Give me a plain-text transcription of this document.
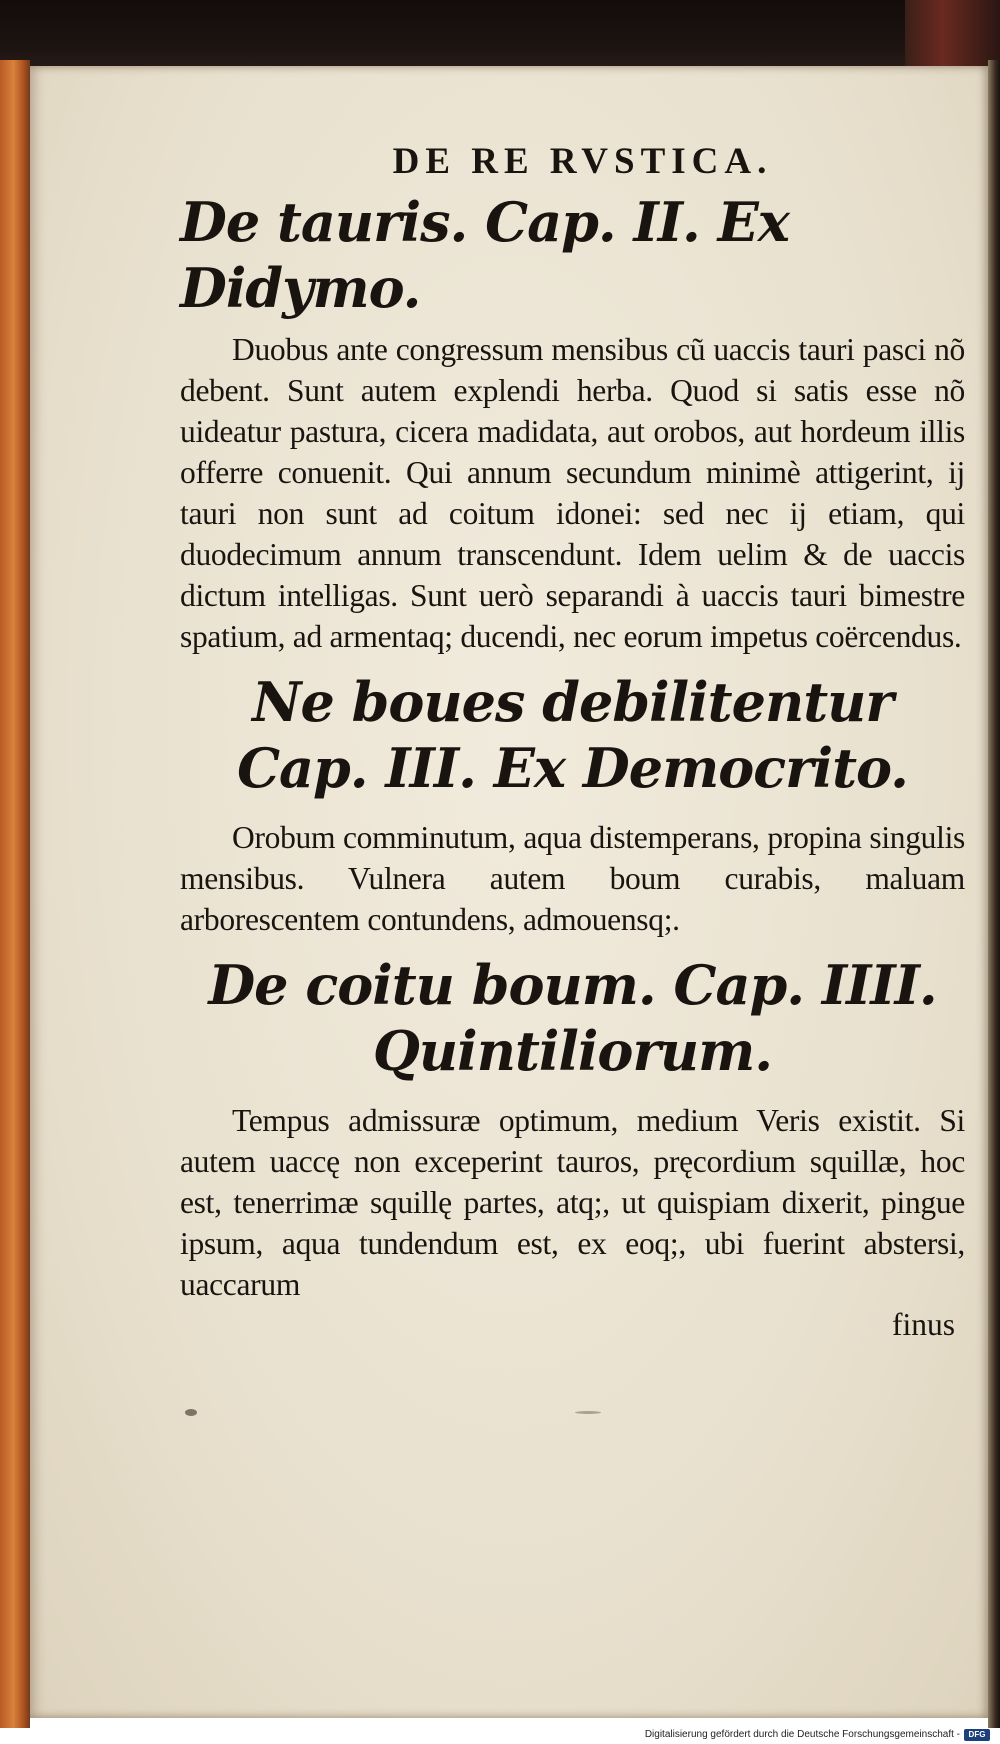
DE RE RVSTICA.
De tauris. Cap. II. Ex Didymo.

Duobus ante congressum mensibus cũ uaccis tauri pasci nõ debent. Sunt autem explendi herba. Quod si satis esse nõ uideatur pastura, cicera madidata, aut orobos, aut hordeum illis offerre conuenit. Qui annum secundum minimè attigerint, ij tauri non sunt ad coitum idonei: sed nec ij etiam, qui duodecimum annum transcendunt. Idem uelim & de uaccis dictum intelligas. Sunt uerò separandi à uaccis tauri bimestre spatium, ad armentaq; ducendi, nec eorum impetus coërcendus.

Ne boues debilitentur Cap. III. Ex Democrito.

Orobum comminutum, aqua distemperans, propina singulis mensibus. Vulnera autem boum curabis, maluam arborescentem contundens, admouensq;.

De coitu boum. Cap. IIII. Quintiliorum.

Tempus admissuræ optimum, medium Veris existit. Si autem uaccę non exceperint tauros, pręcordium squillæ, hoc est, tenerrimæ squillę partes, atq;, ut quispiam dixerit, pingue ipsum, aqua tundendum est, ex eoq;, ubi fuerint abstersi, uaccarum

finus

Digitalisierung gefördert durch die Deutsche Forschungsgemeinschaft -	DFG
